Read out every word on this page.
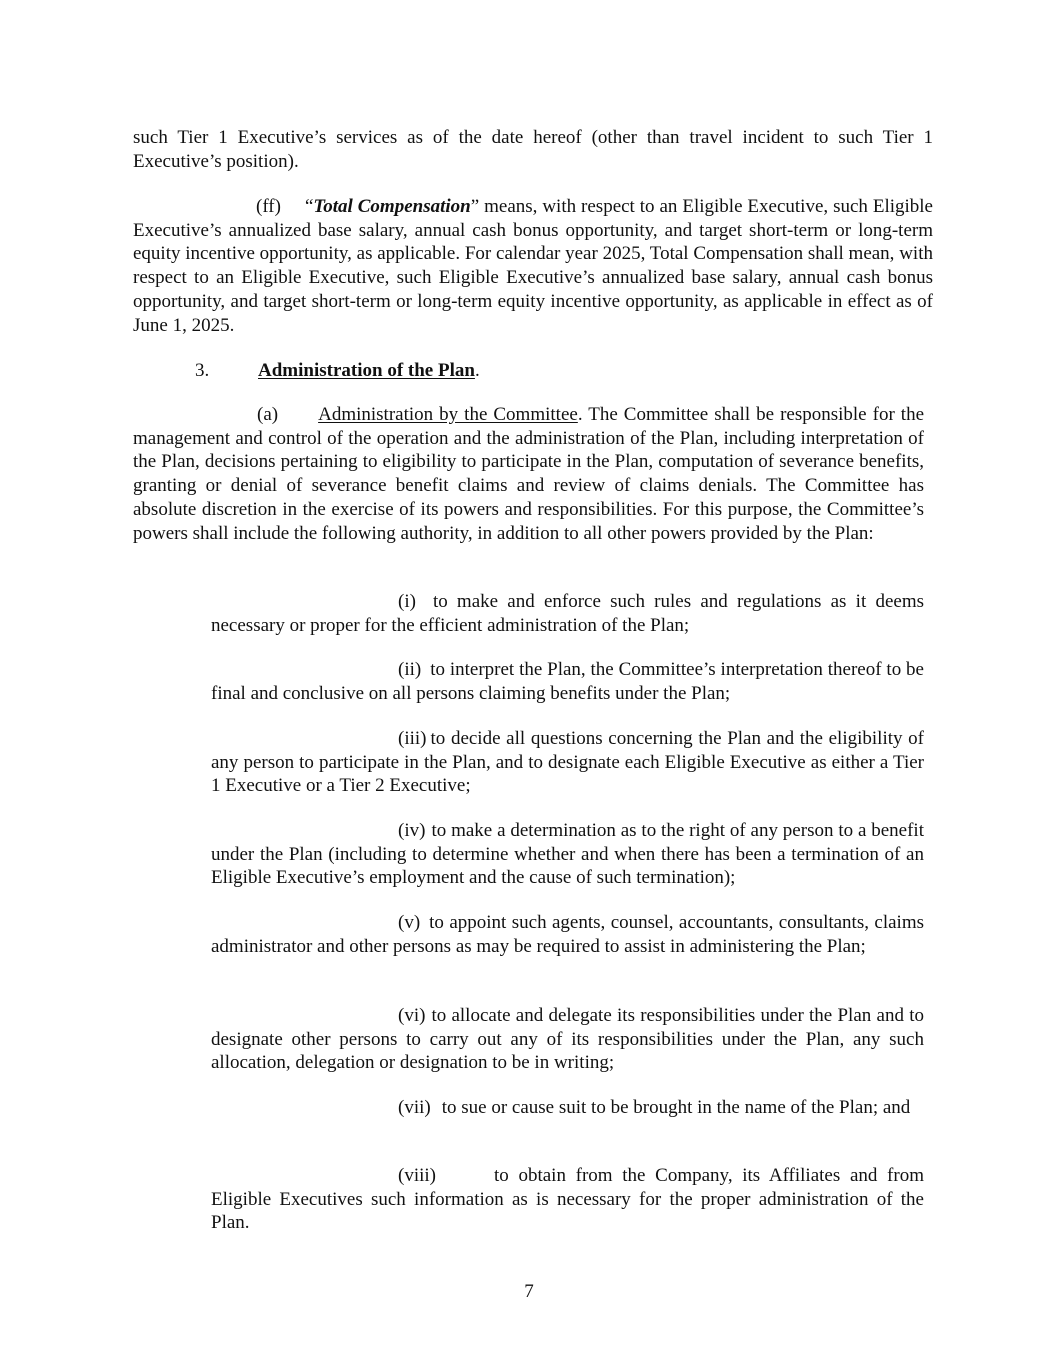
such Tier 1 Executive’s services as of the date hereof (other than travel incident to such Tier 1 Executive’s position).

(ff) “Total Compensation” means, with respect to an Eligible Executive, such Eligible Executive’s annualized base salary, annual cash bonus opportunity, and target short-term or long-term equity incentive opportunity, as applicable. For calendar year 2025, Total Compensation shall mean, with respect to an Eligible Executive, such Eligible Executive’s annualized base salary, annual cash bonus opportunity, and target short-term or long-term equity incentive opportunity, as applicable in effect as of June 1, 2025.

3.	Administration of the Plan.

(a) Administration by the Committee. The Committee shall be responsible for the management and control of the operation and the administration of the Plan, including interpretation of the Plan, decisions pertaining to eligibility to participate in the Plan, computation of severance benefits, granting or denial of severance benefit claims and review of claims denials. The Committee has absolute discretion in the exercise of its powers and responsibilities. For this purpose, the Committee’s powers shall include the following authority, in addition to all other powers provided by the Plan:

(i) to make and enforce such rules and regulations as it deems necessary or proper for the efficient administration of the Plan;

(ii) to interpret the Plan, the Committee’s interpretation thereof to be final and conclusive on all persons claiming benefits under the Plan;

(iii) to decide all questions concerning the Plan and the eligibility of any person to participate in the Plan, and to designate each Eligible Executive as either a Tier 1 Executive or a Tier 2 Executive;

(iv) to make a determination as to the right of any person to a benefit under the Plan (including to determine whether and when there has been a termination of an Eligible Executive’s employment and the cause of such termination);

(v) to appoint such agents, counsel, accountants, consultants, claims administrator and other persons as may be required to assist in administering the Plan;

(vi) to allocate and delegate its responsibilities under the Plan and to designate other persons to carry out any of its responsibilities under the Plan, any such allocation, delegation or designation to be in writing;

(vii) to sue or cause suit to be brought in the name of the Plan; and

(viii)	to obtain from the Company, its Affiliates and from Eligible Executives such information as is necessary for the proper administration of the Plan.

7
